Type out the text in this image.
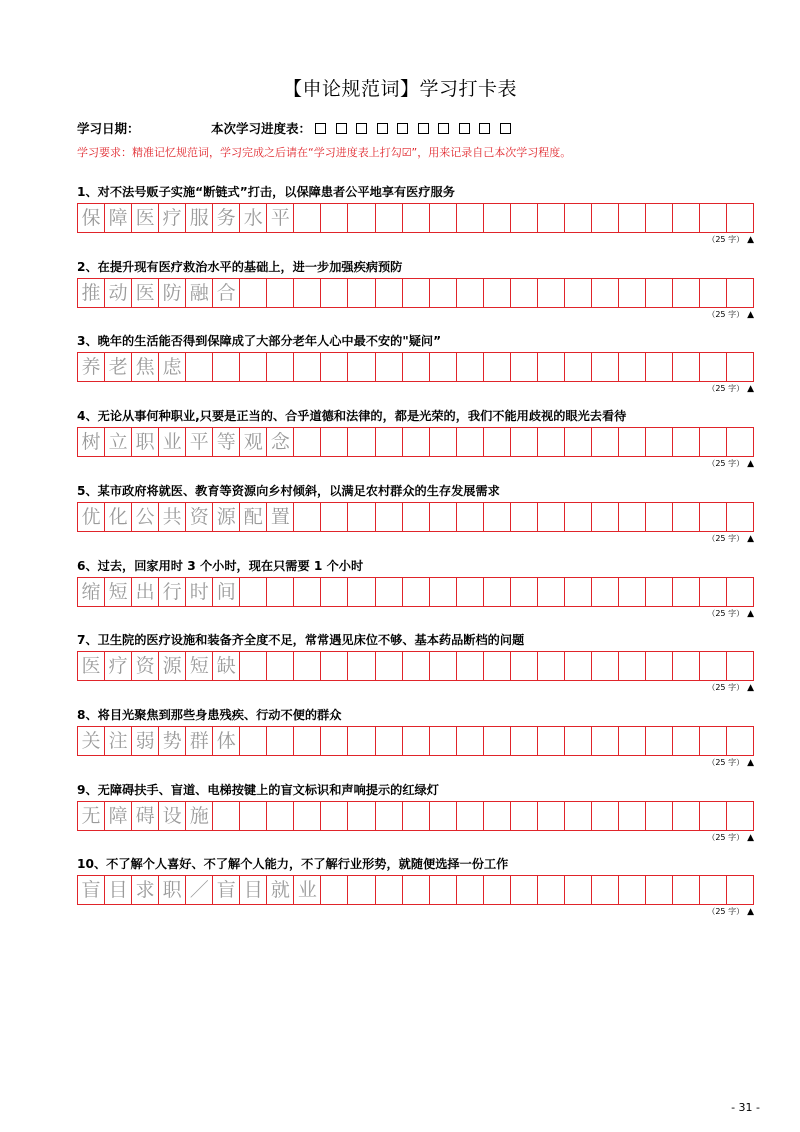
【申论规范词】学习打卡表
学习日期：	本次学习进度表：
学习要求：精准记忆规范词，学习完成之后请在“学习进度表上打勾☑”，用来记录自己本次学习程度。
1、对不法号贩子实施“断链式”打击，以保障患者公平地享有医疗服务
保 障 医 疗 服 务 水 平
（25 字） ▲
2、在提升现有医疗救治水平的基础上，进一步加强疾病预防
推 动 医 防 融 合
（25 字） ▲
3、晚年的生活能否得到保障成了大部分老年人心中最不安的"疑问”
养 老 焦 虑
（25 字） ▲
4、无论从事何种职业,只要是正当的、合乎道德和法律的，都是光荣的，我们不能用歧视的眼光去看待
树 立 职 业 平 等 观 念
（25 字） ▲
5、某市政府将就医、教育等资源向乡村倾斜，以满足农村群众的生存发展需求
优 化 公 共 资 源 配 置
（25 字） ▲
6、过去，回家用时 3 个小时，现在只需要 1 个小时
缩 短 出 行 时 间
（25 字） ▲
7、卫生院的医疗设施和装备齐全度不足，常常遇见床位不够、基本药品断档的问题
医 疗 资 源 短 缺
（25 字） ▲
8、将目光聚焦到那些身患残疾、行动不便的群众
关 注 弱 势 群 体
（25 字） ▲
9、无障碍扶手、盲道、电梯按键上的盲文标识和声响提示的红绿灯
无 障 碍 设 施
（25 字） ▲
10、不了解个人喜好、不了解个人能力，不了解行业形势，就随便选择一份工作
盲 目 求 职 ／ 盲 目 就 业
（25 字） ▲
- 31 -
